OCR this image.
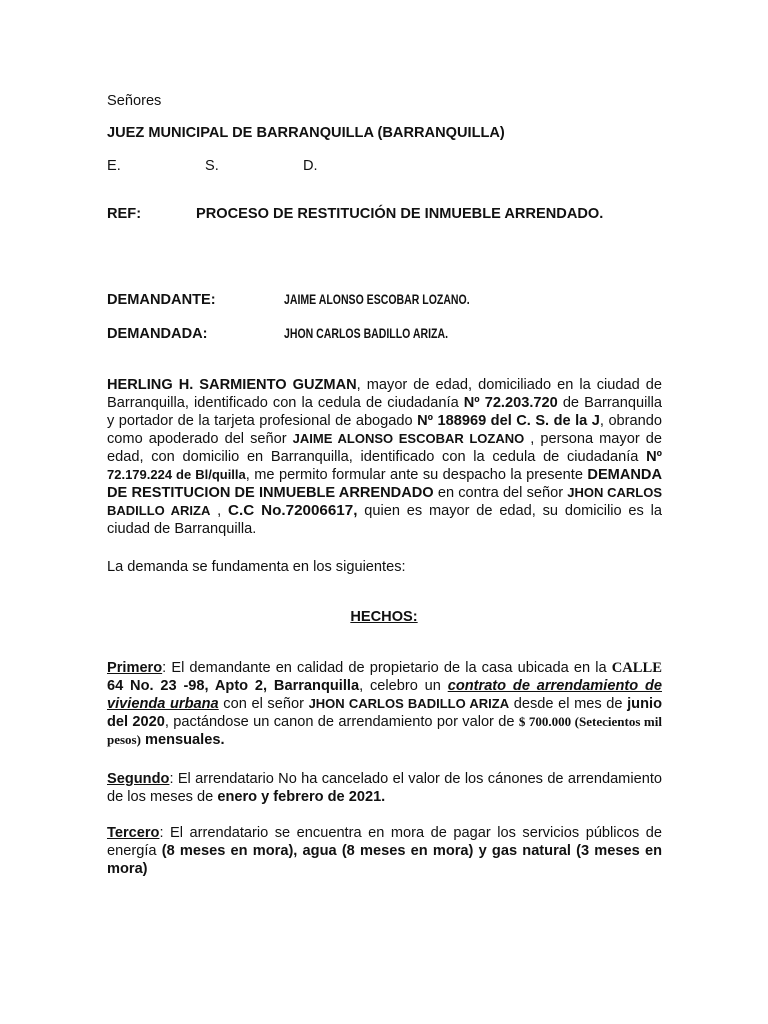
Señores
JUEZ MUNICIPAL DE BARRANQUILLA (BARRANQUILLA)
E.	S.	D.
REF:	PROCESO DE RESTITUCIÓN DE INMUEBLE ARRENDADO.
DEMANDANTE:	JAIME ALONSO ESCOBAR LOZANO.
DEMANDADA:	JHON CARLOS BADILLO ARIZA.
HERLING H. SARMIENTO GUZMAN, mayor de edad, domiciliado en la ciudad de Barranquilla, identificado con la cedula de ciudadanía Nº 72.203.720 de Barranquilla y portador de la tarjeta profesional de abogado Nº 188969 del C. S. de la J, obrando como apoderado del señor JAIME ALONSO ESCOBAR LOZANO , persona mayor de edad, con domicilio en Barranquilla, identificado con la cedula de ciudadanía Nº 72.179.224 de Bl/quilla, me permito formular ante su despacho la presente DEMANDA DE RESTITUCION DE INMUEBLE ARRENDADO en contra del señor JHON CARLOS BADILLO ARIZA , C.C No.72006617, quien es mayor de edad, su domicilio es la ciudad de Barranquilla.
La demanda se fundamenta en los siguientes:
HECHOS:
Primero: El demandante en calidad de propietario de la casa ubicada en la CALLE 64 No. 23 -98, Apto 2, Barranquilla, celebro un contrato de arrendamiento de vivienda urbana con el señor JHON CARLOS BADILLO ARIZA desde el mes de junio del 2020, pactándose un canon de arrendamiento por valor de $ 700.000 (Setecientos mil pesos) mensuales.
Segundo: El arrendatario No ha cancelado el valor de los cánones de arrendamiento de los meses de enero y febrero de 2021.
Tercero: El arrendatario se encuentra en mora de pagar los servicios públicos de energía (8 meses en mora), agua (8 meses en mora) y gas natural (3 meses en mora)
